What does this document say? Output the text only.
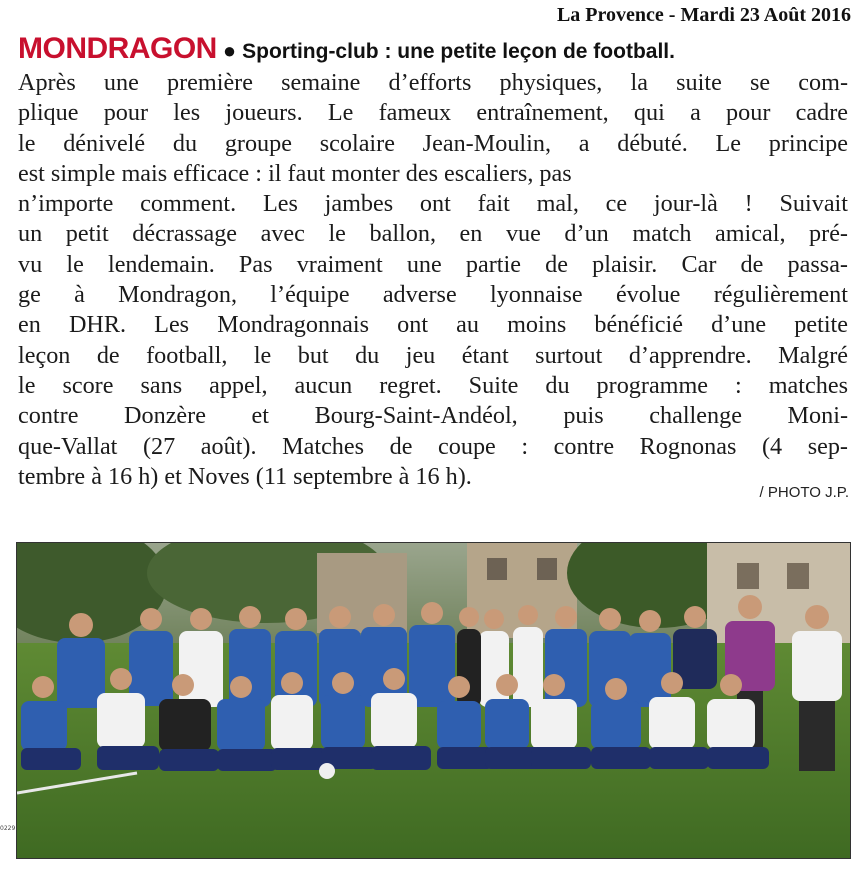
La Provence - Mardi 23 Août 2016
MONDRAGON ● Sporting-club : une petite leçon de football.
Après une première semaine d’efforts physiques, la suite se com-
plique pour les joueurs. Le fameux entraînement, qui a pour cadre
le dénivelé du groupe scolaire Jean-Moulin, a débuté. Le principe
est simple mais efficace : il faut monter des escaliers, pas
n’importe comment. Les jambes ont fait mal, ce jour-là ! Suivait
un petit décrassage avec le ballon, en vue d’un match amical, pré-
vu le lendemain. Pas vraiment une partie de plaisir. Car de passa-
ge à Mondragon, l’équipe adverse lyonnaise évolue régulièrement
en DHR. Les Mondragonnais ont au moins bénéficié d’une petite
leçon de football, le but du jeu étant surtout d’apprendre. Malgré
le score sans appel, aucun regret. Suite du programme : matches
contre Donzère et Bourg-Saint-Andéol, puis challenge Moni-
que-Vallat (27 août). Matches de coupe : contre Rognonas (4 sep-
tembre à 16 h) et Noves (11 septembre à 16 h).
/ PHOTO J.P.
0229
